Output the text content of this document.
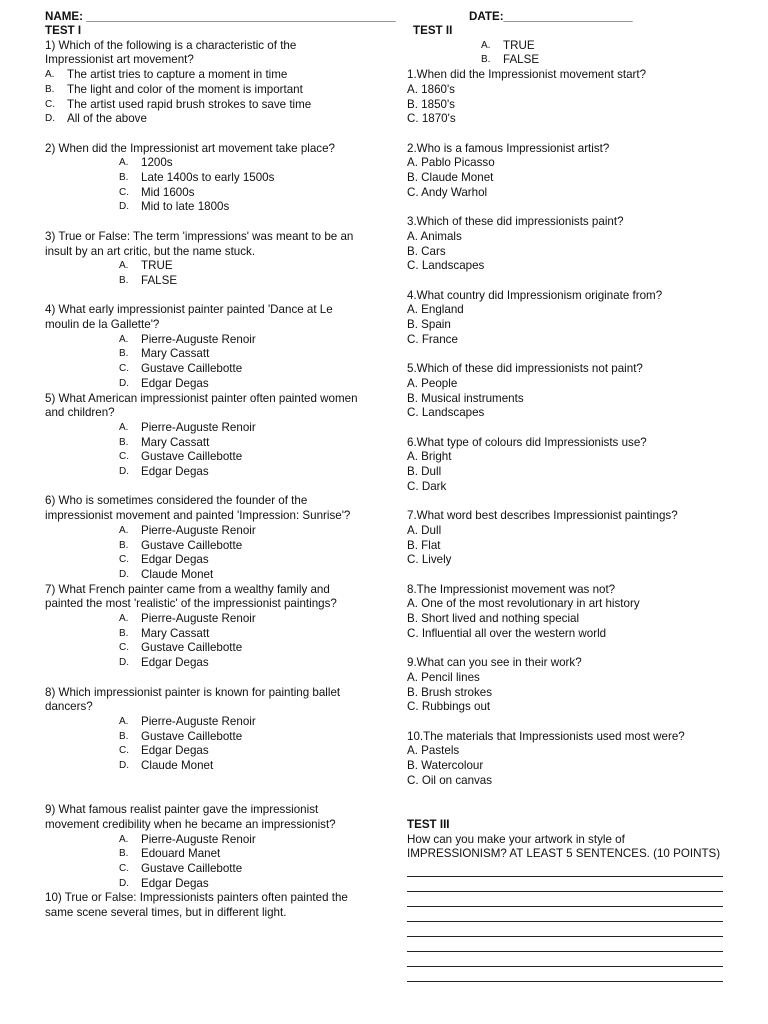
NAME: ________________________________________________	DATE:____________________
TEST I
1) Which of the following is a characteristic of the Impressionist art movement?
A.	The artist tries to capture a moment in time
B.	The light and color of the moment is important
C.	The artist used rapid brush strokes to save time
D.	All of the above
2) When did the Impressionist art movement take place?
A.	1200s
B.	Late 1400s to early 1500s
C.	Mid 1600s
D.	Mid to late 1800s
3) True or False: The term 'impressions' was meant to be an insult by an art critic, but the name stuck.
A.	TRUE
B.	FALSE
4) What early impressionist painter painted 'Dance at Le moulin de la Gallette'?
A.	Pierre-Auguste Renoir
B.	Mary Cassatt
C.	Gustave Caillebotte
D.	Edgar Degas
5) What American impressionist painter often painted women and children?
A.	Pierre-Auguste Renoir
B.	Mary Cassatt
C.	Gustave Caillebotte
D.	Edgar Degas
6) Who is sometimes considered the founder of the impressionist movement and painted 'Impression: Sunrise'?
A.	Pierre-Auguste Renoir
B.	Gustave Caillebotte
C.	Edgar Degas
D.	Claude Monet
7) What French painter came from a wealthy family and painted the most 'realistic' of the impressionist paintings?
A.	Pierre-Auguste Renoir
B.	Mary Cassatt
C.	Gustave Caillebotte
D.	Edgar Degas
8) Which impressionist painter is known for painting ballet dancers?
A.	Pierre-Auguste Renoir
B.	Gustave Caillebotte
C.	Edgar Degas
D.	Claude Monet
9) What famous realist painter gave the impressionist movement credibility when he became an impressionist?
A.	Pierre-Auguste Renoir
B.	Edouard Manet
C.	Gustave Caillebotte
D.	Edgar Degas
10) True or False: Impressionists painters often painted the same scene several times, but in different light.
TEST II
A.	TRUE
B.	FALSE
1.When did the Impressionist movement start?
A. 1860's
B. 1850's
C. 1870's
2.Who is a famous Impressionist artist?
A. Pablo Picasso
B. Claude Monet
C. Andy Warhol
3.Which of these did impressionists paint?
A. Animals
B. Cars
C. Landscapes
4.What country did Impressionism originate from?
A. England
B. Spain
C. France
5.Which of these did impressionists not paint?
A. People
B. Musical instruments
C. Landscapes
6.What type of colours did Impressionists use?
A. Bright
B. Dull
C. Dark
7.What word best describes Impressionist paintings?
A. Dull
B. Flat
C. Lively
8.The Impressionist movement was not?
A. One of the most revolutionary in art history
B. Short lived and nothing special
C. Influential all over the western world
9.What can you see in their work?
A. Pencil lines
B. Brush strokes
C. Rubbings out
10.The materials that Impressionists used most were?
A. Pastels
B. Watercolour
C. Oil on canvas
TEST III
How can you make your artwork in style of IMPRESSIONISM? AT LEAST 5 SENTENCES. (10 POINTS)
